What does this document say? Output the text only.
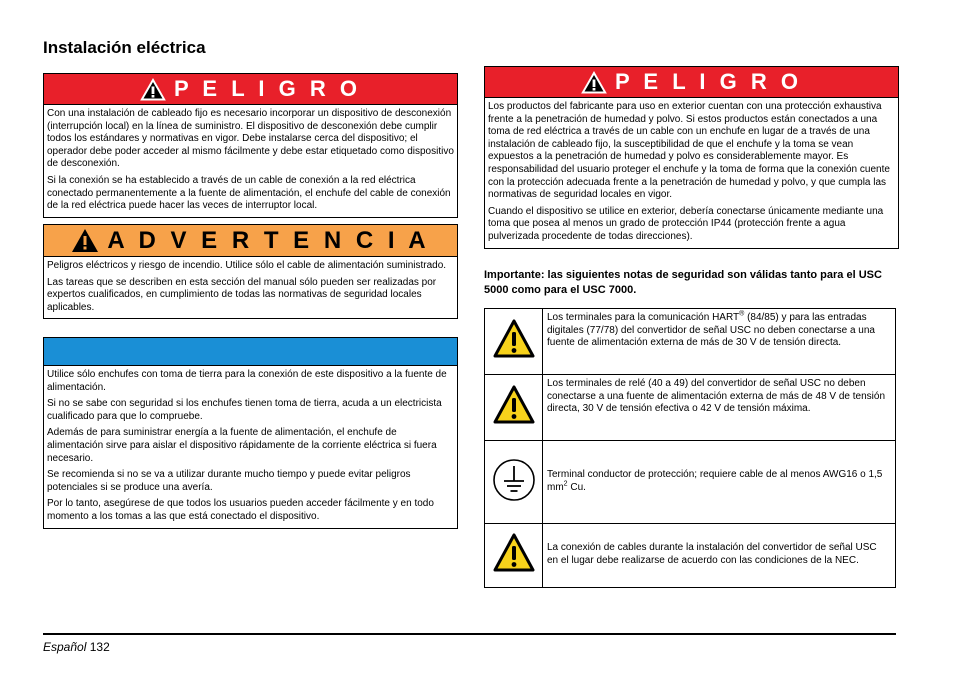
Instalación eléctrica
P E L I G R O

Con una instalación de cableado fijo es necesario incorporar un dispositivo de desconexión (interrupción local) en la línea de suministro. El dispositivo de desconexión debe cumplir todos los estándares y normativas en vigor. Debe instalarse cerca del dispositivo; el operador debe poder acceder al mismo fácilmente y debe estar etiquetado como dispositivo de desconexión.

Si la conexión se ha establecido a través de un cable de conexión a la red eléctrica conectado permanentemente a la fuente de alimentación, el enchufe del cable de conexión de la red eléctrica puede hacer las veces de interruptor local.

A D V E R T E N C I A

Peligros eléctricos y riesgo de incendio. Utilice sólo el cable de alimentación suministrado.

Las tareas que se describen en esta sección del manual sólo pueden ser realizadas por expertos cualificados, en cumplimiento de todas las normativas de seguridad locales aplicables.

Utilice sólo enchufes con toma de tierra para la conexión de este dispositivo a la fuente de alimentación.

Si no se sabe con seguridad si los enchufes tienen toma de tierra, acuda a un electricista cualificado para que lo compruebe.

Además de para suministrar energía a la fuente de alimentación, el enchufe de alimentación sirve para aislar el dispositivo rápidamente de la corriente eléctrica si fuera necesario.

Se recomienda si no se va a utilizar durante mucho tiempo y puede evitar peligros potenciales si se produce una avería.

Por lo tanto, asegúrese de que todos los usuarios pueden acceder fácilmente y en todo momento a los tomas a las que está conectado el dispositivo.

P E L I G R O

Los productos del fabricante para uso en exterior cuentan con una protección exhaustiva frente a la penetración de humedad y polvo. Si estos productos están conectados a una toma de red eléctrica a través de un cable con un enchufe en lugar de a través de una instalación de cableado fijo, la susceptibilidad de que el enchufe y la toma se vean expuestos a la penetración de humedad y polvo es considerablemente mayor. Es responsabilidad del usuario proteger el enchufe y la toma de forma que la conexión cuente con la protección adecuada frente a la penetración de humedad y polvo, y que cumpla las normativas de seguridad locales en vigor.

Cuando el dispositivo se utilice en exterior, debería conectarse únicamente mediante una toma que posea al menos un grado de protección IP44 (protección frente a agua pulverizada procedente de todas direcciones).

Importante: las siguientes notas de seguridad son válidas tanto para el USC 5000 como para el USC 7000.

	Los terminales para la comunicación HART® (84/85) y para las entradas digitales (77/78) del convertidor de señal USC no deben conectarse a una fuente de alimentación externa de más de 30 V de tensión directa.
	Los terminales de relé (40 a 49) del convertidor de señal USC no deben conectarse a una fuente de alimentación externa de más de 48 V de tensión directa, 30 V de tensión efectiva o 42 V de tensión máxima.
	Terminal conductor de protección; requiere cable de al menos AWG16 o 1,5 $mm^2$ Cu.
	La conexión de cables durante la instalación del convertidor de señal USC en el lugar debe realizarse de acuerdo con las condiciones de la NEC.
Español 132
